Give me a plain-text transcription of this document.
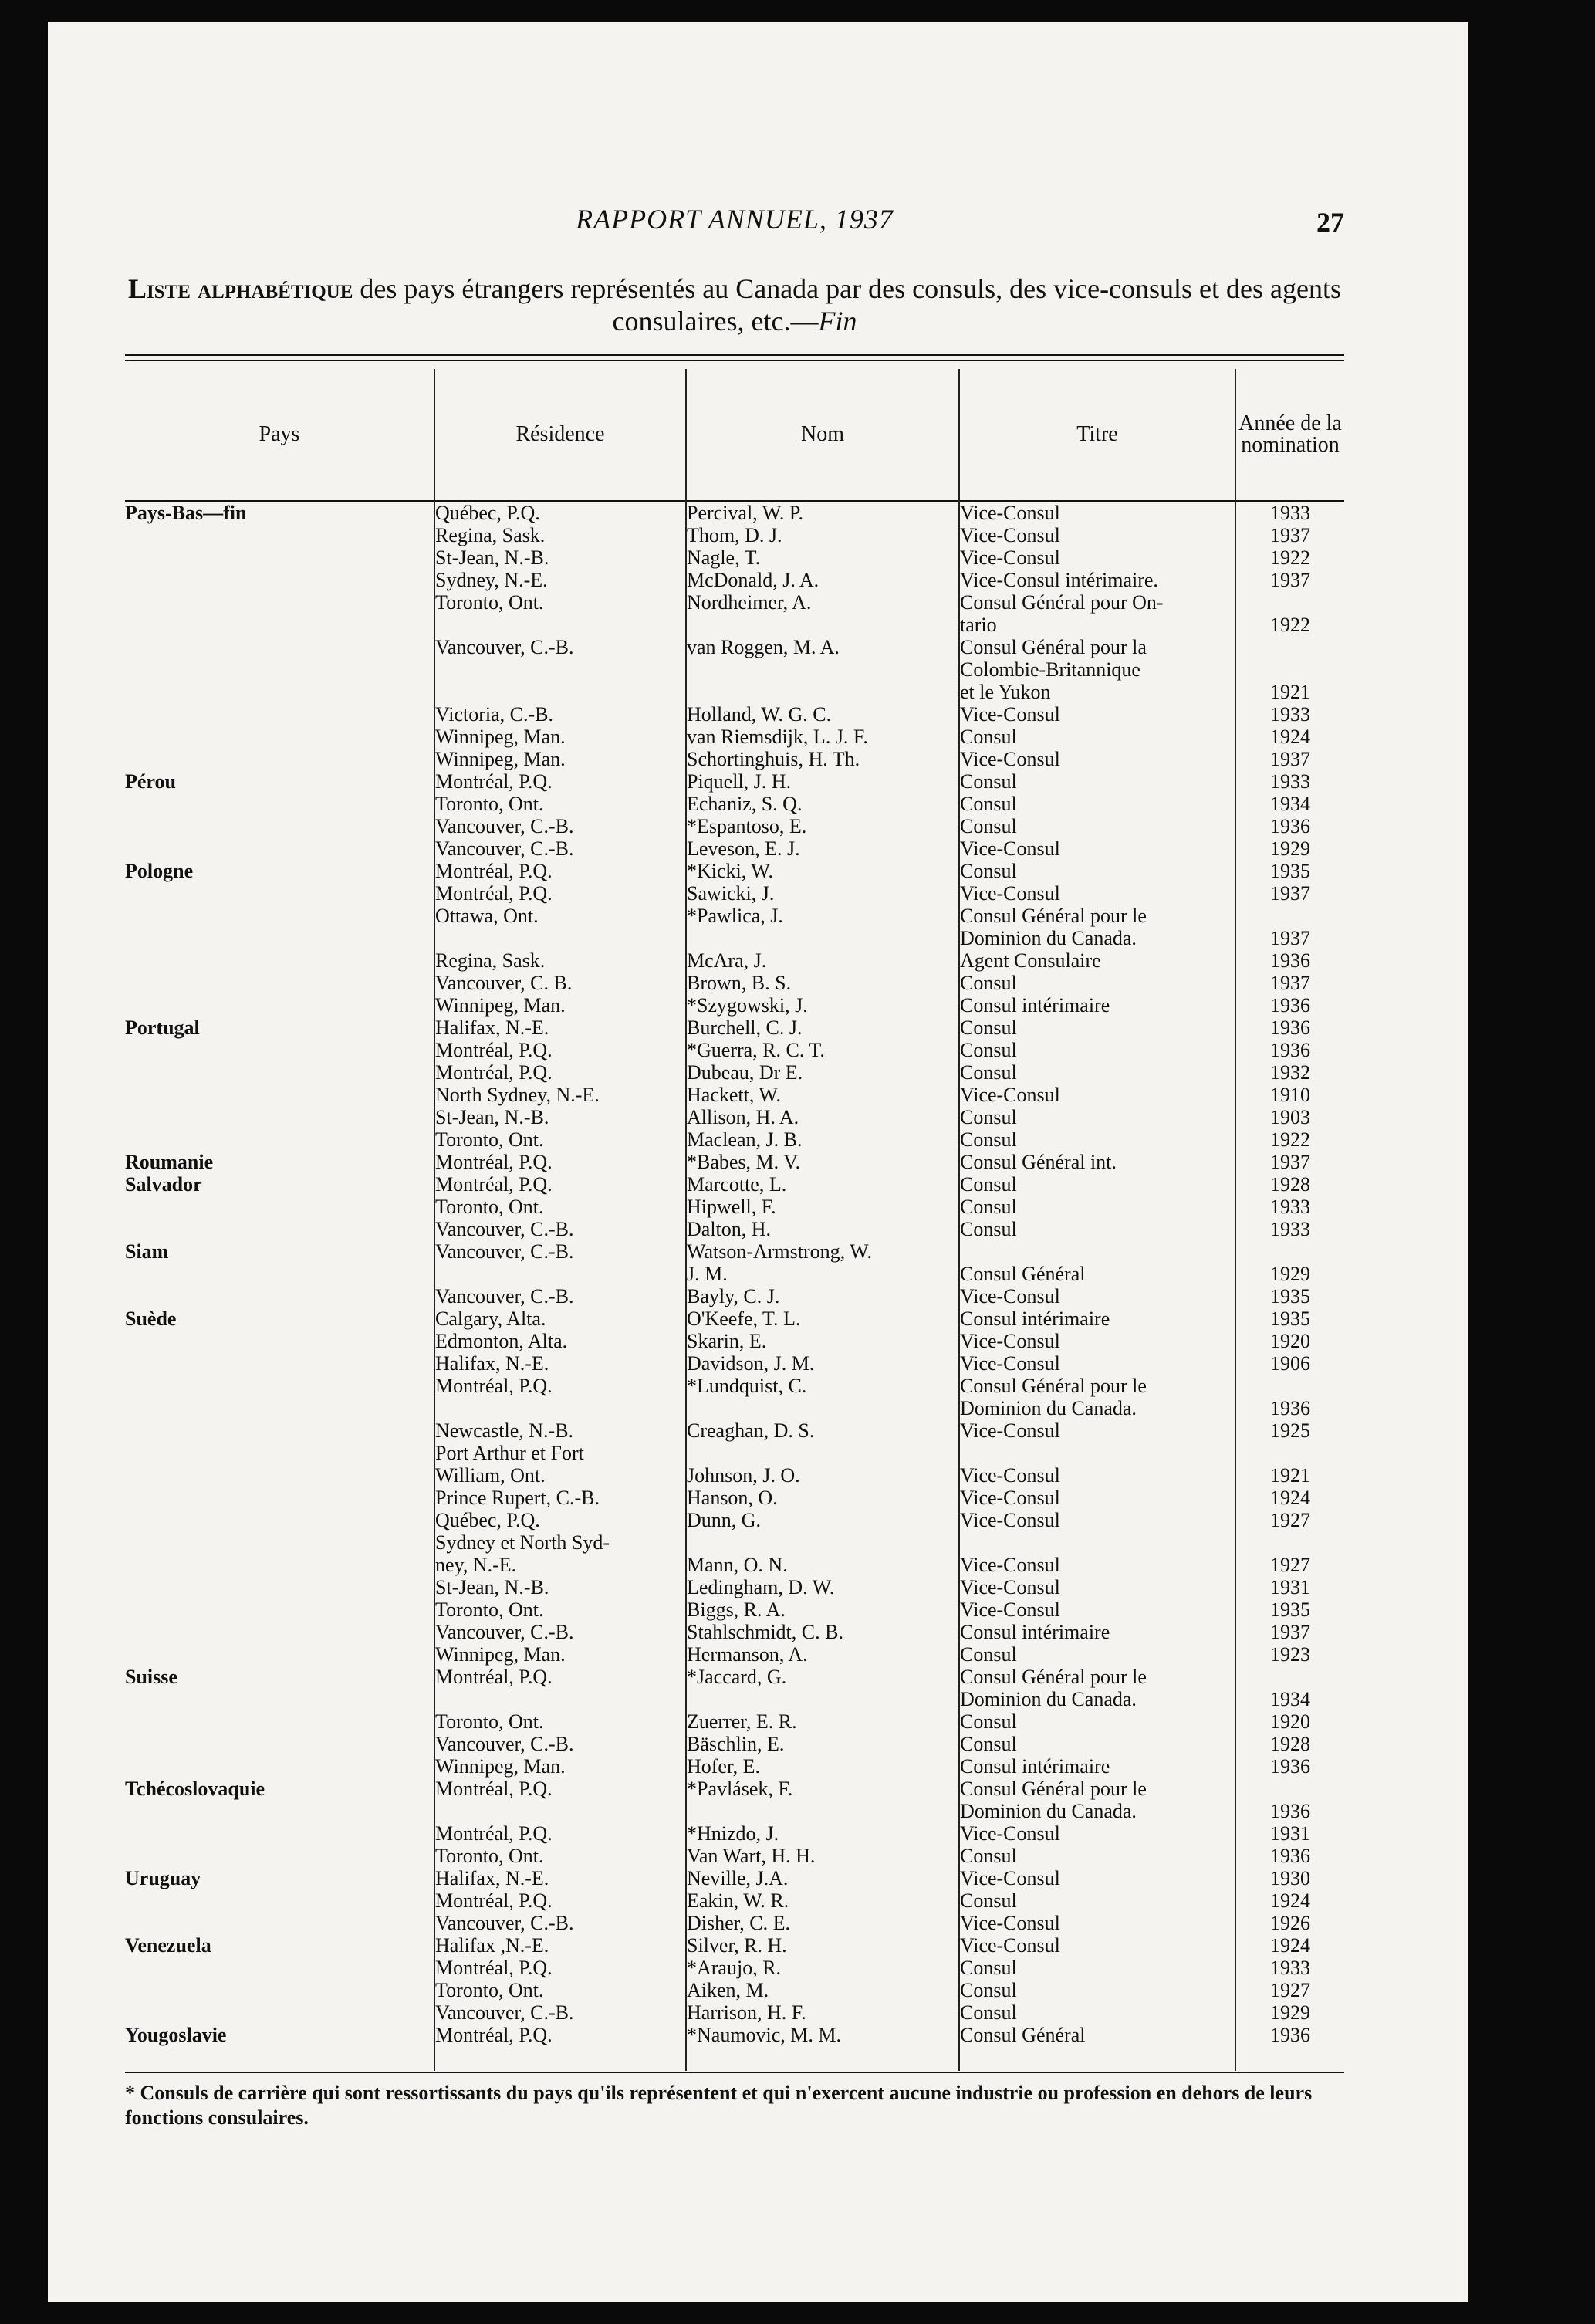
RAPPORT ANNUEL, 1937	27
Liste alphabétique des pays étrangers représentés au Canada par des consuls, des vice-consuls et des agents consulaires, etc.—Fin
Pays	Résidence	Nom	Titre	Année de la nomination
Pays-Bas—fin	Québec, P.Q.	Percival, W. P.	Vice-Consul	1933
Regina, Sask.	Thom, D. J.	Vice-Consul	1937
St-Jean, N.-B.	Nagle, T.	Vice-Consul	1922
Sydney, N.-E.	McDonald, J. A.	Vice-Consul intérimaire.	1937
Toronto, Ont.	Nordheimer, A.	Consul Général pour On-
tario	1922
Vancouver, C.-B.	van Roggen, M. A.	Consul Général pour la
Colombie-Britannique
et le Yukon	1921
Victoria, C.-B.	Holland, W. G. C.	Vice-Consul	1933
Winnipeg, Man.	van Riemsdijk, L. J. F.	Consul	1924
Winnipeg, Man.	Schortinghuis, H. Th.	Vice-Consul	1937
Pérou	Montréal, P.Q.	Piquell, J. H.	Consul	1933
Toronto, Ont.	Echaniz, S. Q.	Consul	1934
Vancouver, C.-B.	*Espantoso, E.	Consul	1936
Vancouver, C.-B.	Leveson, E. J.	Vice-Consul	1929
Pologne	Montréal, P.Q.	*Kicki, W.	Consul	1935
Montréal, P.Q.	Sawicki, J.	Vice-Consul	1937
Ottawa, Ont.	*Pawlica, J.	Consul Général pour le
Dominion du Canada.	1937
Regina, Sask.	McAra, J.	Agent Consulaire	1936
Vancouver, C. B.	Brown, B. S.	Consul	1937
Winnipeg, Man.	*Szygowski, J.	Consul intérimaire	1936
Portugal	Halifax, N.-E.	Burchell, C. J.	Consul	1936
Montréal, P.Q.	*Guerra, R. C. T.	Consul	1936
Montréal, P.Q.	Dubeau, Dr E.	Consul	1932
North Sydney, N.-E.	Hackett, W.	Vice-Consul	1910
St-Jean, N.-B.	Allison, H. A.	Consul	1903
Toronto, Ont.	Maclean, J. B.	Consul	1922
Roumanie	Montréal, P.Q.	*Babes, M. V.	Consul Général int.	1937
Salvador	Montréal, P.Q.	Marcotte, L.	Consul	1928
Toronto, Ont.	Hipwell, F.	Consul	1933
Vancouver, C.-B.	Dalton, H.	Consul	1933
Siam	Vancouver, C.-B.	Watson-Armstrong, W.
J. M.	Consul Général	1929
Vancouver, C.-B.	Bayly, C. J.	Vice-Consul	1935
Suède	Calgary, Alta.	O'Keefe, T. L.	Consul intérimaire	1935
Edmonton, Alta.	Skarin, E.	Vice-Consul	1920
Halifax, N.-E.	Davidson, J. M.	Vice-Consul	1906
Montréal, P.Q.	*Lundquist, C.	Consul Général pour le
Dominion du Canada.	1936
Newcastle, N.-B.	Creaghan, D. S.	Vice-Consul	1925
Port Arthur et Fort
William, Ont.	Johnson, J. O.	Vice-Consul	1921
Prince Rupert, C.-B.	Hanson, O.	Vice-Consul	1924
Québec, P.Q.	Dunn, G.	Vice-Consul	1927
Sydney et North Syd-
ney, N.-E.	Mann, O. N.	Vice-Consul	1927
St-Jean, N.-B.	Ledingham, D. W.	Vice-Consul	1931
Toronto, Ont.	Biggs, R. A.	Vice-Consul	1935
Vancouver, C.-B.	Stahlschmidt, C. B.	Consul intérimaire	1937
Winnipeg, Man.	Hermanson, A.	Consul	1923
Suisse	Montréal, P.Q.	*Jaccard, G.	Consul Général pour le
Dominion du Canada.	1934
Toronto, Ont.	Zuerrer, E. R.	Consul	1920
Vancouver, C.-B.	Bäschlin, E.	Consul	1928
Winnipeg, Man.	Hofer, E.	Consul intérimaire	1936
Tchécoslovaquie	Montréal, P.Q.	*Pavlásek, F.	Consul Général pour le
Dominion du Canada.	1936
Montréal, P.Q.	*Hnizdo, J.	Vice-Consul	1931
Toronto, Ont.	Van Wart, H. H.	Consul	1936
Uruguay	Halifax, N.-E.	Neville, J.A.	Vice-Consul	1930
Montréal, P.Q.	Eakin, W. R.	Consul	1924
Vancouver, C.-B.	Disher, C. E.	Vice-Consul	1926
Venezuela	Halifax ,N.-E.	Silver, R. H.	Vice-Consul	1924
Montréal, P.Q.	*Araujo, R.	Consul	1933
Toronto, Ont.	Aiken, M.	Consul	1927
Vancouver, C.-B.	Harrison, H. F.	Consul	1929
Yougoslavie	Montréal, P.Q.	*Naumovic, M. M.	Consul Général	1936
* Consuls de carrière qui sont ressortissants du pays qu'ils représentent et qui n'exercent aucune industrie ou profession en dehors de leurs fonctions consulaires.
